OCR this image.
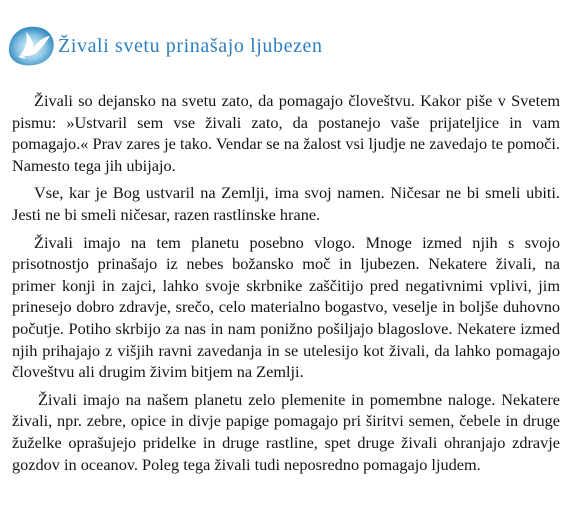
Živali svetu prinašajo ljubezen

Živali so dejansko na svetu zato, da pomagajo človeštvu. Kakor piše v Svetem pismu: »Ustvaril sem vse živali zato, da postanejo vaše prijateljice in vam pomagajo.« Prav zares je tako. Vendar se na žalost vsi ljudje ne zavedajo te pomoči. Namesto tega jih ubijajo.

Vse, kar je Bog ustvaril na Zemlji, ima svoj namen. Ničesar ne bi smeli ubiti. Jesti ne bi smeli ničesar, razen rastlinske hrane.

Živali imajo na tem planetu posebno vlogo. Mnoge izmed njih s svojo prisotnostjo prinašajo iz nebes božansko moč in ljubezen. Nekatere živali, na primer konji in zajci, lahko svoje skrbnike zaščitijo pred negativnimi vplivi, jim prinesejo dobro zdravje, srečo, celo materialno bogastvo, veselje in boljše duhovno počutje. Potiho skrbijo za nas in nam ponižno pošiljajo blagoslove. Nekatere izmed njih prihajajo z višjih ravni zavedanja in se utelesijo kot živali, da lahko pomagajo človeštvu ali drugim živim bitjem na Zemlji.

Živali imajo na našem planetu zelo plemenite in pomembne naloge. Nekatere živali, npr. zebre, opice in divje papige pomagajo pri širitvi semen, čebele in druge žuželke oprašujejo pridelke in druge rastline, spet druge živali ohranjajo zdravje gozdov in oceanov. Poleg tega živali tudi neposredno pomagajo ljudem.
